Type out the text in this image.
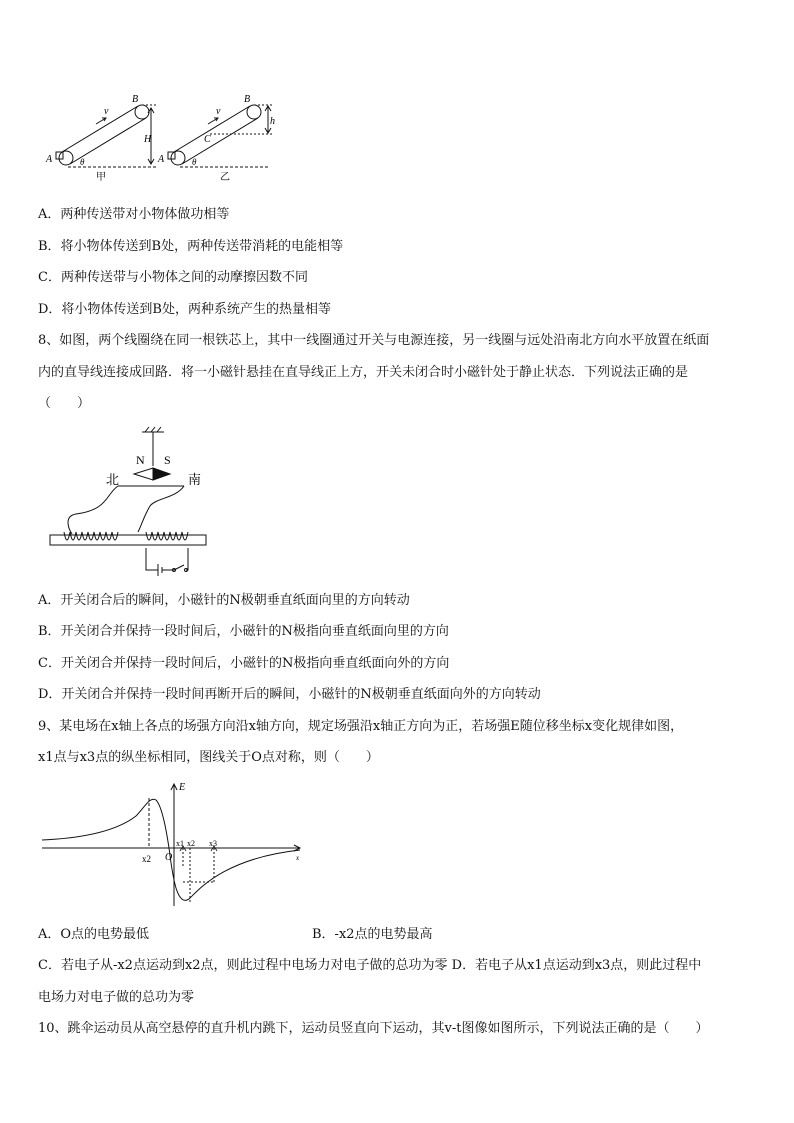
A
B
v
H
θ
甲
A
B
v
h
C
θ
乙
A．两种传送带对小物体做功相等
B．将小物体传送到B处，两种传送带消耗的电能相等
C．两种传送带与小物体之间的动摩擦因数不同
D．将小物体传送到B处，两种系统产生的热量相等
8、如图，两个线圈绕在同一根铁芯上，其中一线圈通过开关与电源连接，另一线圈与远处沿南北方向水平放置在纸面
内的直导线连接成回路．将一小磁针悬挂在直导线正上方，开关未闭合时小磁针处于静止状态．下列说法正确的是
（　　）
N S
北	南
A．开关闭合后的瞬间，小磁针的N极朝垂直纸面向里的方向转动
B．开关闭合并保持一段时间后，小磁针的N极指向垂直纸面向里的方向
C．开关闭合并保持一段时间后，小磁针的N极指向垂直纸面向外的方向
D．开关闭合并保持一段时间再断开后的瞬间，小磁针的N极朝垂直纸面向外的方向转动
9、某电场在x轴上各点的场强方向沿x轴方向，规定场强沿x轴正方向为正，若场强E随位移坐标x变化规律如图，
x1点与x3点的纵坐标相同，图线关于O点对称，则（　　）
E
O
x2
x1 x2 x3
x
A．O点的电势最低	B．-x2点的电势最高
C．若电子从-x2点运动到x2点，则此过程中电场力对电子做的总功为零 D．若电子从x1点运动到x3点，则此过程中
电场力对电子做的总功为零
10、跳伞运动员从高空悬停的直升机内跳下，运动员竖直向下运动，其v-t图像如图所示，下列说法正确的是（　　）
